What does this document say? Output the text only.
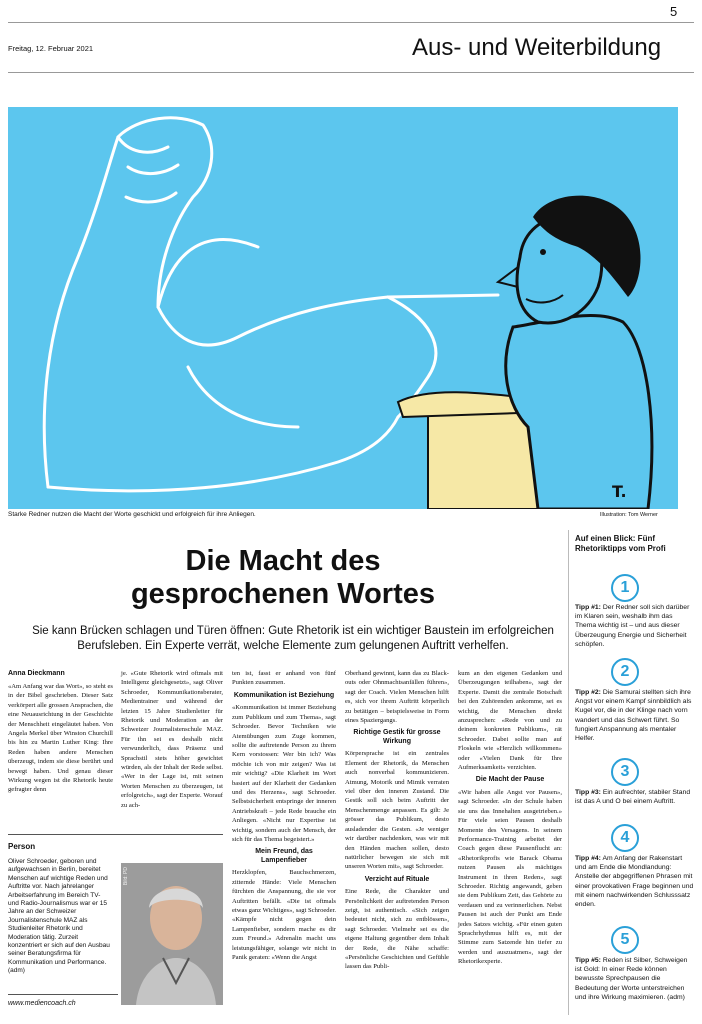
5
Freitag, 12. Februar 2021	Aus- und Weiterbildung
T.
Starke Redner nutzen die Macht der Worte geschickt und erfolgreich für ihre Anliegen.	Illustration: Tom Werner
Die Macht des
gesprochenen Wortes
Sie kann Brücken schlagen und Türen öffnen: Gute Rhetorik ist ein wichtiger Baustein im erfolgreichen Berufsleben. Ein Experte verrät, welche Elemente zum gelungenen Auftritt verhelfen.
Anna Dieckmann

«Am Anfang war das Wort», so steht es in der Bibel geschrieben. Dieser Satz verkörpert alle grossen Ansprachen, die eine Neuausrichtung in der Geschichte der Menschheit eingeläutet haben. Von Angela Merkel über Winston Churchill bis hin zu Martin Luther King: Ihre Reden haben andere Menschen überzeugt, indem sie diese berührt und bewegt haben. Und genau dieser Wirkung wegen ist die Rhetorik heute gefragter denn

je. «Gute Rhetorik wird oftmals mit Intelligenz gleichgesetzt», sagt Oliver Schroeder, Kommunikationsberater, Medientrainer und während der letzten 15 Jahre Studienleiter für Rhetorik und Moderation an der Schweizer Journalistenschule MAZ. Für ihn sei es deshalb nicht verwunderlich, dass Präsenz und Sprachstil stets höher gewichtet würden, als der Inhalt der Rede selbst. «Wer in der Lage ist, mit seinen Worten Menschen zu überzeugen, ist erfolgreich», sagt der Experte. Worauf zu ach-

Person
Oliver Schroeder, geboren und aufgewachsen in Berlin, bereitet Menschen auf wichtige Reden und Auftritte vor. Nach jahrelanger Arbeitserfahrung im Bereich TV- und Radio-Journalismus war er 15 Jahre an der Schweizer Journalistenschule MAZ als Studienleiter Rhetorik und Moderation tätig. Zurzeit konzentriert er sich auf den Ausbau seiner Beratungsfirma für Kommunikation und Performance. (adm)
Bild: PD
www.mediencoach.ch

ten ist, fasst er anhand von fünf Punkten zusammen.

Kommunikation ist Beziehung

«Kommunikation ist immer Beziehung zum Publikum und zum Thema», sagt Schroeder. Bevor Techniken wie Atemübungen zum Zuge kommen, sollte die auftretende Person zu ihrem Kern vorstossen: Wer bin ich? Was möchte ich von mir zeigen? Was ist mir wichtig? «Die Klarheit im Wort basiert auf der Klarheit der Gedanken und des Herzens», sagt Schroeder. Selbstsicherheit entspringe der inneren Antriebskraft – jede Rede brauche ein Anliegen. «Nicht nur Expertise ist wichtig, sondern auch der Mensch, der sich für das Thema begeistert.»

Mein Freund, das Lampenfieber

Herzklopfen, Bauchschmerzen, zitternde Hände: Viele Menschen fürchten die Anspannung, die sie vor Auftritten befällt. «Die ist oftmals etwas ganz Wichtiges», sagt Schroeder. «Kämpfe nicht gegen dein Lampenfieber, sondern mache es dir zum Freund.» Adrenalin macht uns leistungsfähiger, solange wir nicht in Panik geraten: «Wenn die Angst

Oberhand gewinnt, kann das zu Black-outs oder Ohnmachtsanfällen führen», sagt der Coach. Vielen Menschen hilft es, sich vor ihrem Auftritt körperlich zu betätigen – beispielsweise in Form eines Spaziergangs.

Richtige Gestik für grosse Wirkung

Körpersprache ist ein zentrales Element der Rhetorik, da Menschen auch nonverbal kommunizieren. Atmung, Motorik und Mimik verraten viel über den inneren Zustand. Die Gestik soll sich beim Auftritt der Menschenmenge anpassen. Es gilt: Je grösser das Publikum, desto ausladender die Gesten. «Je weniger wir darüber nachdenken, was wir mit den Händen machen sollen, desto natürlicher bewegen sie sich mit unseren Worten mit», sagt Schroeder.

Verzicht auf Rituale

Eine Rede, die Charakter und Persönlichkeit der auftretenden Person zeigt, ist authentisch. «Sich zeigen bedeutet nicht, sich zu entblössen», sagt Schroeder. Vielmehr sei es die eigene Haltung gegenüber dem Inhalt der Rede, die Nähe schaffe: «Persönliche Geschichten und Gefühle lassen das Publi-

kum an den eigenen Gedanken und Überzeugungen teilhaben», sagt der Experte. Damit die zentrale Botschaft bei den Zuhörenden ankomme, sei es wichtig, die Menschen direkt anzusprechen: «Rede von und zu deinem konkreten Publikum», rät Schroeder. Dabei sollte man auf Floskeln wie «Herzlich willkommen» oder «Vielen Dank für Ihre Aufmerksamkeit» verzichten.

Die Macht der Pause

«Wir haben alle Angst vor Pausen», sagt Schroeder. «In der Schule haben sie uns das Innehalten ausgetrieben.» Für viele seien Pausen deshalb Momente des Versagens. In seinem Performance-Training arbeitet der Coach gegen diese Pausenflucht an: «Rhetorikprofis wie Barack Obama nutzen Pausen als mächtiges Instrument in ihren Reden», sagt Schroeder. Richtig angewandt, geben sie dem Publikum Zeit, das Gehörte zu verdauen und zu verinnerlichen. Nebst Pausen ist auch der Punkt am Ende jedes Satzes wichtig. «Für einen guten Sprachrhythmus hilft es, mit der Stimme zum Satzende hin tiefer zu werden und auszuatmen», sagt der Rhetorikexperte.

Auf einen Blick: Fünf Rhetoriktipps vom Profi
1
Tipp #1: Der Redner soll sich darüber im Klaren sein, weshalb ihm das Thema wichtig ist – und aus dieser Überzeugung Energie und Sicherheit schöpfen.
2
Tipp #2: Die Samurai stellten sich ihre Angst vor einem Kampf sinnbildlich als Kugel vor, die in der Klinge nach vorn wandert und das Schwert führt. So fungiert Anspannung als mentaler Helfer.
3
Tipp #3: Ein aufrechter, stabiler Stand ist das A und O bei einem Auftritt.
4
Tipp #4: Am Anfang der Rakenstart und am Ende die Mondlandung: Anstelle der abgegriffenen Phrasen mit einer provokativen Frage beginnen und mit einem nachwirkenden Schlusssatz enden.
5
Tipp #5: Reden ist Silber, Schweigen ist Gold: In einer Rede können bewusste Sprechpausen die Bedeutung der Worte unterstreichen und ihre Wirkung maximieren. (adm)
